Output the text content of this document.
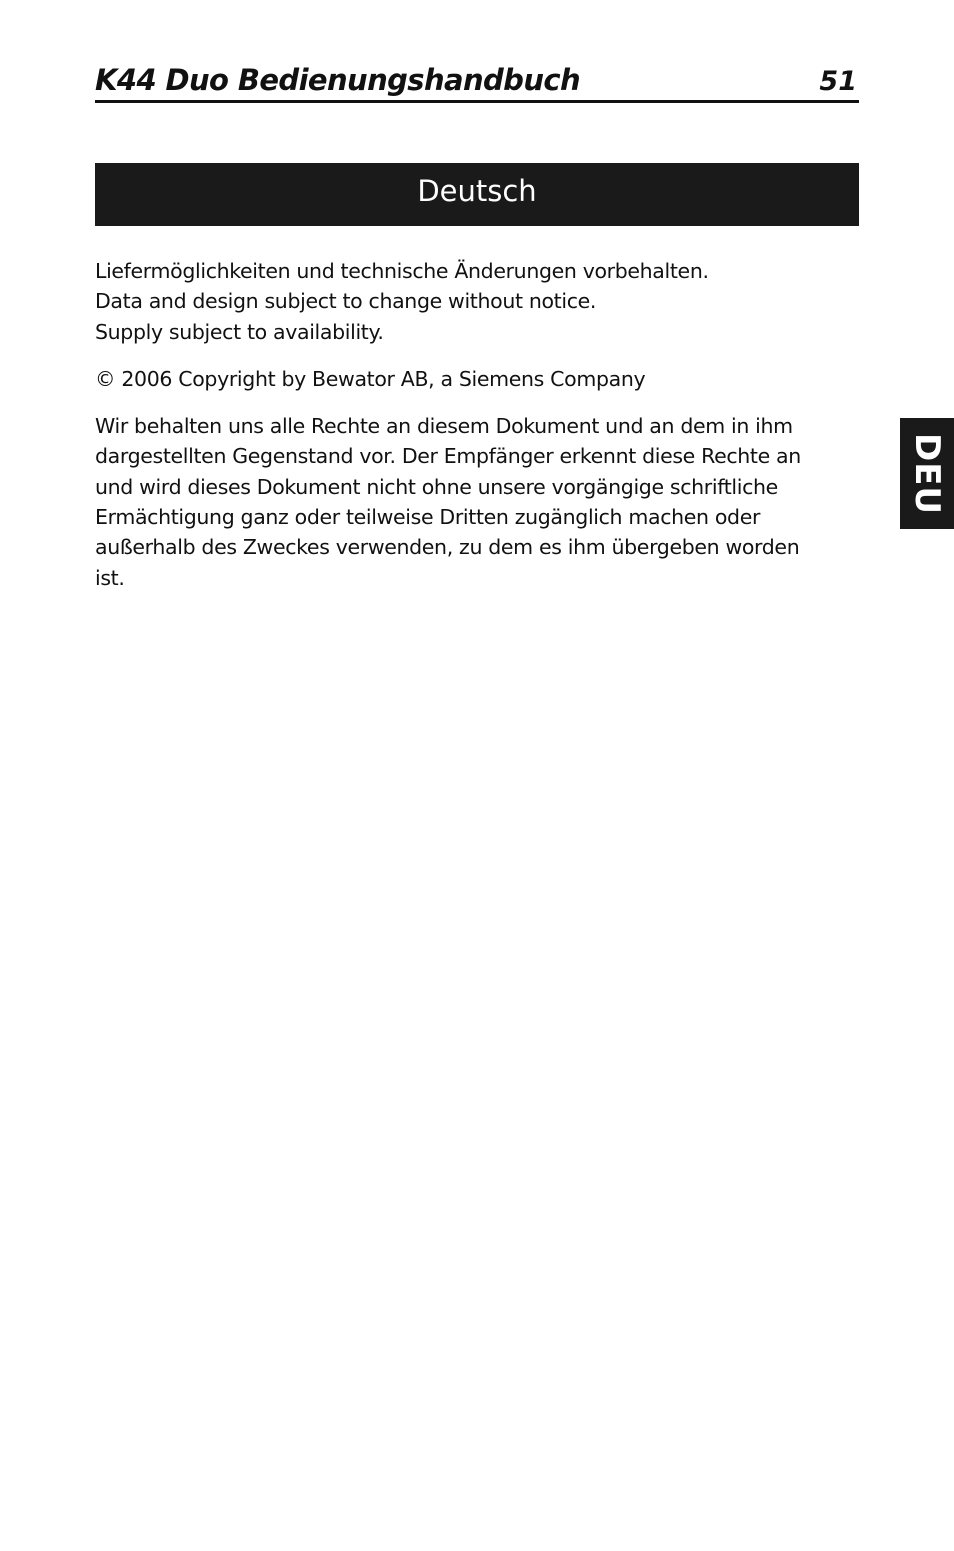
K44 Duo Bedienungshandbuch	51
Deutsch

Liefermöglichkeiten und technische Änderungen vorbehalten.
Data and design subject to change without notice.
Supply subject to availability.

© 2006 Copyright by Bewator AB, a Siemens Company

Wir behalten uns alle Rechte an diesem Dokument und an dem in ihm
dargestellten Gegenstand vor. Der Empfänger erkennt diese Rechte an
und wird dieses Dokument nicht ohne unsere vorgängige schriftliche
Ermächtigung ganz oder teilweise Dritten zugänglich machen oder
außerhalb des Zweckes verwenden, zu dem es ihm übergeben worden
ist.

DEU
